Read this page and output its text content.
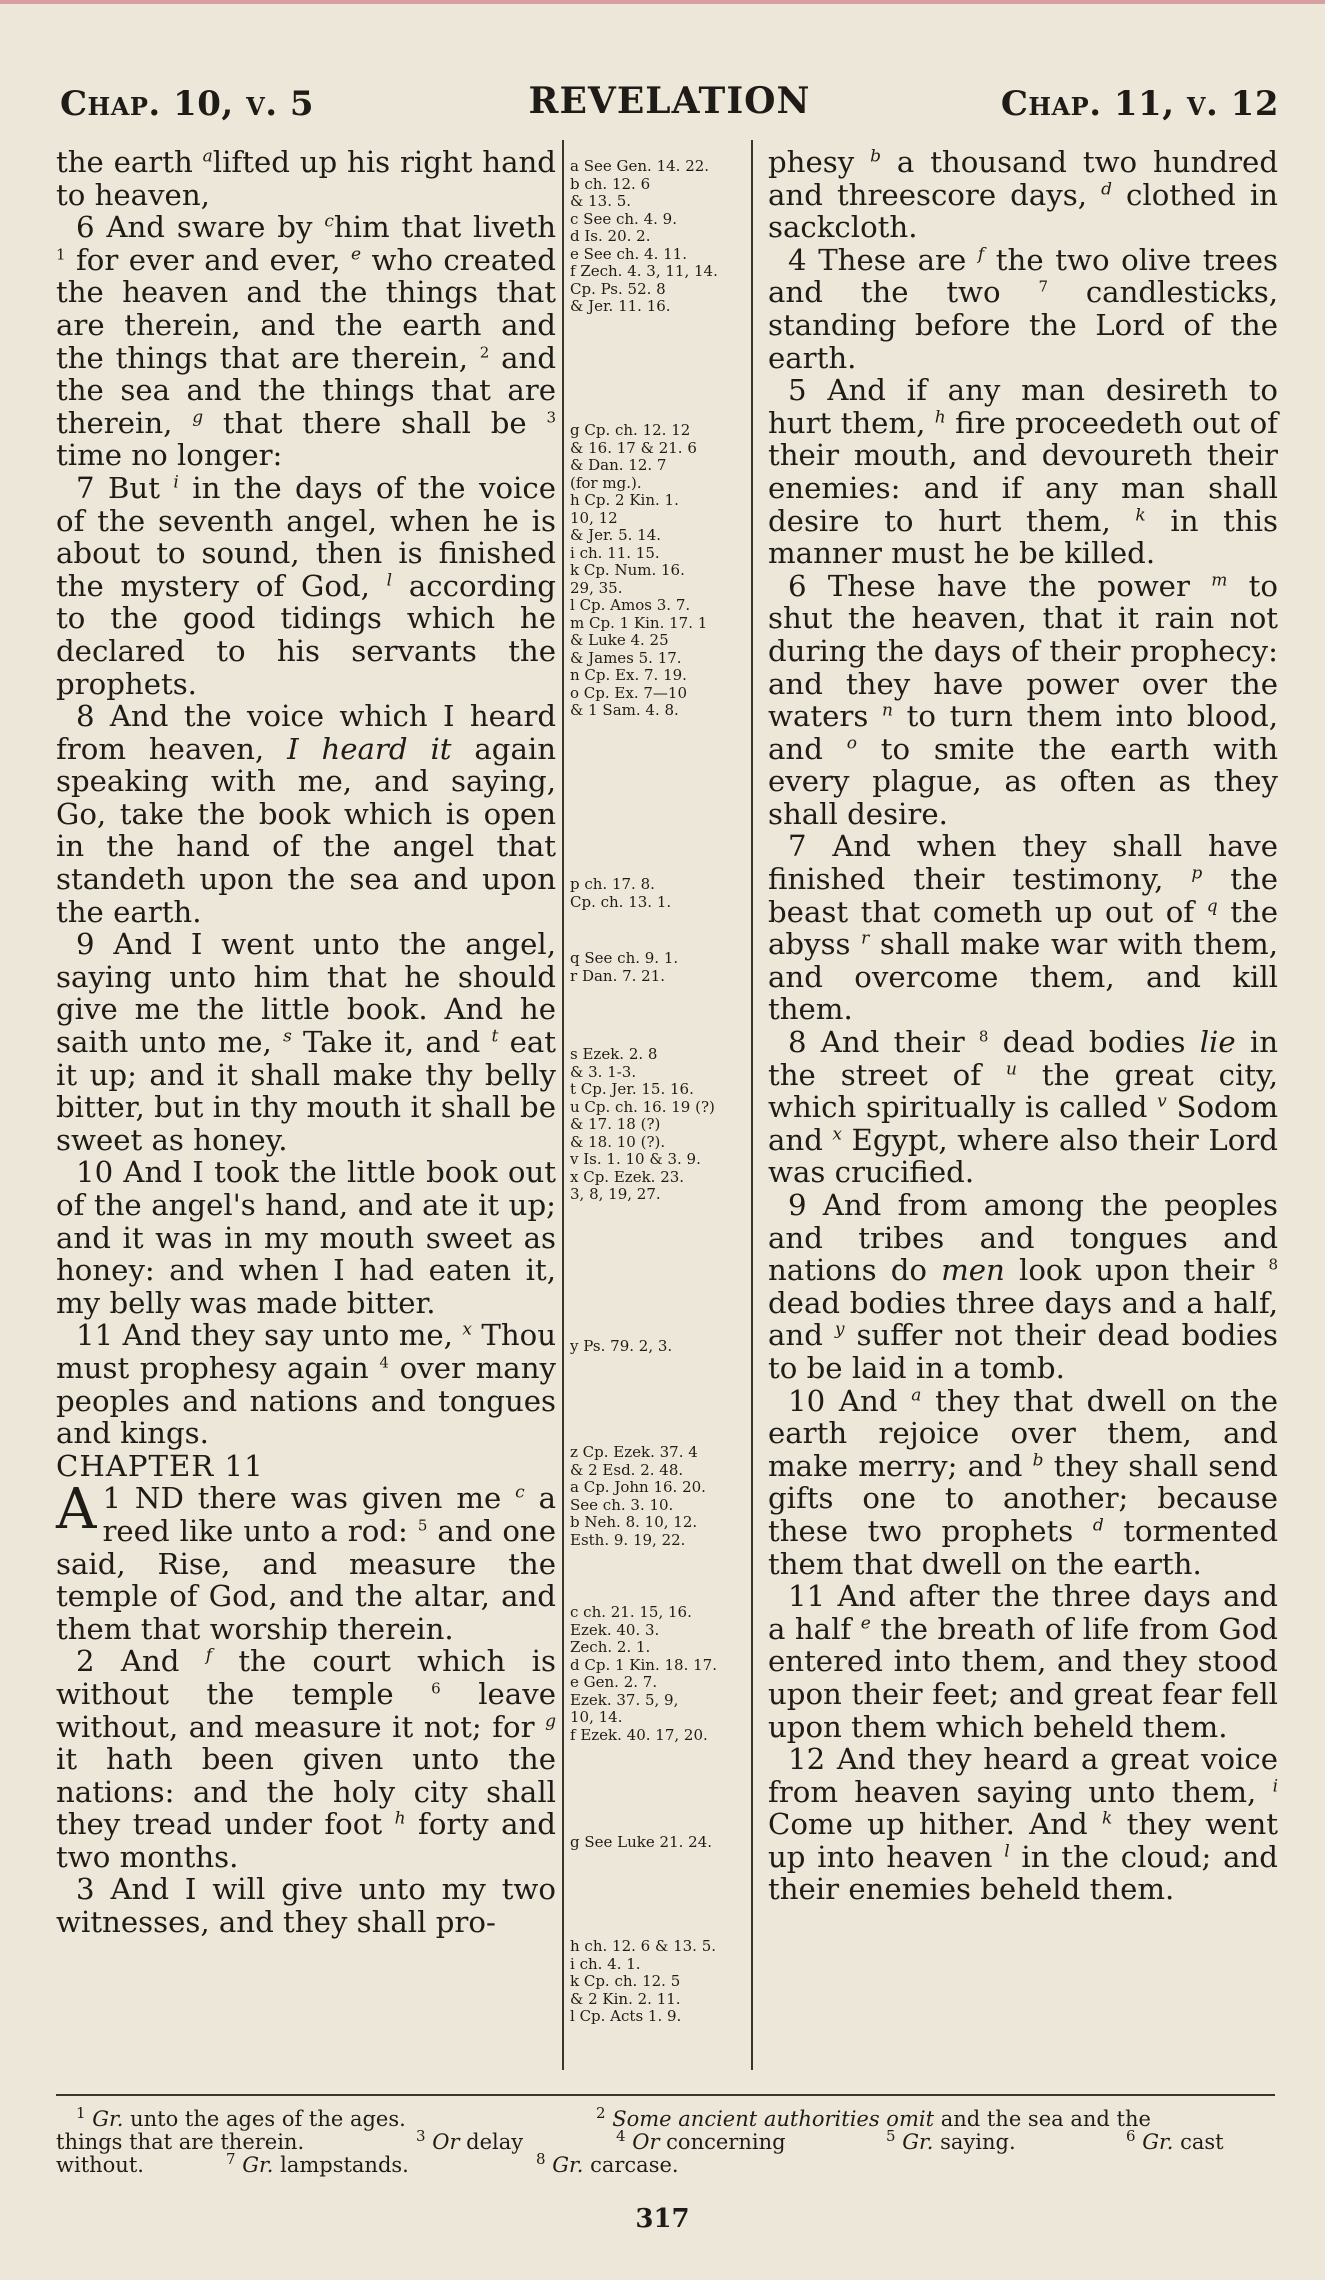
Chap. 10, v. 5	REVELATION	Chap. 11, v. 12

the earth $^a$lifted up his right hand to heaven,

6 And sware by $^c$him that liveth $^1$ for ever and ever, $^e$ who created the heaven and the things that are therein, and the earth and the things that are therein, $^2$ and the sea and the things that are therein, $^g$ that there shall be $^3$ time no longer:

7 But $^i$ in the days of the voice of the seventh angel, when he is about to sound, then is finished the mystery of God, $^l$ according to the good tidings which he declared to his servants the prophets.

8 And the voice which I heard from heaven, I heard it again speaking with me, and saying, Go, take the book which is open in the hand of the angel that standeth upon the sea and upon the earth.

9 And I went unto the angel, saying unto him that he should give me the little book. And he saith unto me, $^s$ Take it, and $^t$ eat it up; and it shall make thy belly bitter, but in thy mouth it shall be sweet as honey.

10 And I took the little book out of the angel's hand, and ate it up; and it was in my mouth sweet as honey: and when I had eaten it, my belly was made bitter.

11 And they say unto me, $^x$ Thou must prophesy again $^4$ over many peoples and nations and tongues and kings.

CHAPTER 11

1
A ND there was given me $^c$ a reed like unto a rod: $^5$ and one said, Rise, and measure the temple of God, and the altar, and them that worship therein.

2 And $^f$ the court which is without the temple $^6$ leave without, and measure it not; for $^g$ it hath been given unto the nations: and the holy city shall they tread under foot $^h$ forty and two months.

3 And I will give unto my two witnesses, and they shall pro-

a See Gen. 14. 22.
b ch. 12. 6
& 13. 5.
c See ch. 4. 9.
d Is. 20. 2.
e See ch. 4. 11.
f Zech. 4. 3, 11, 14.
Cp. Ps. 52. 8
& Jer. 11. 16.
g Cp. ch. 12. 12
& 16. 17 & 21. 6
& Dan. 12. 7
(for mg.).
h Cp. 2 Kin. 1.
10, 12
& Jer. 5. 14.
i ch. 11. 15.
k Cp. Num. 16.
29, 35.
l Cp. Amos 3. 7.
m Cp. 1 Kin. 17. 1
& Luke 4. 25
& James 5. 17.
n Cp. Ex. 7. 19.
o Cp. Ex. 7—10
& 1 Sam. 4. 8.
p ch. 17. 8.
Cp. ch. 13. 1.
q See ch. 9. 1.
r Dan. 7. 21.
s Ezek. 2. 8
& 3. 1-3.
t Cp. Jer. 15. 16.
u Cp. ch. 16. 19 (?)
& 17. 18 (?)
& 18. 10 (?).
v Is. 1. 10 & 3. 9.
x Cp. Ezek. 23.
3, 8, 19, 27.
y Ps. 79. 2, 3.
z Cp. Ezek. 37. 4
& 2 Esd. 2. 48.
a Cp. John 16. 20.
See ch. 3. 10.
b Neh. 8. 10, 12.
Esth. 9. 19, 22.
c ch. 21. 15, 16.
Ezek. 40. 3.
Zech. 2. 1.
d Cp. 1 Kin. 18. 17.
e Gen. 2. 7.
Ezek. 37. 5, 9,
10, 14.
f Ezek. 40. 17, 20.
g See Luke 21. 24.
h ch. 12. 6 & 13. 5.
i ch. 4. 1.
k Cp. ch. 12. 5
& 2 Kin. 2. 11.
l Cp. Acts 1. 9.

phesy $^b$ a thousand two hundred and threescore days, $^d$ clothed in sackcloth.

4 These are $^f$ the two olive trees and the two $^7$ candlesticks, standing before the Lord of the earth.

5 And if any man desireth to hurt them, $^h$ fire proceedeth out of their mouth, and devoureth their enemies: and if any man shall desire to hurt them, $^k$ in this manner must he be killed.

6 These have the power $^m$ to shut the heaven, that it rain not during the days of their prophecy: and they have power over the waters $^n$ to turn them into blood, and $^o$ to smite the earth with every plague, as often as they shall desire.

7 And when they shall have finished their testimony, $^p$ the beast that cometh up out of $^q$ the abyss $^r$ shall make war with them, and overcome them, and kill them.

8 And their $^8$ dead bodies lie in the street of $^u$ the great city, which spiritually is called $^v$ Sodom and $^x$ Egypt, where also their Lord was crucified.

9 And from among the peoples and tribes and tongues and nations do men look upon their $^8$ dead bodies three days and a half, and $^y$ suffer not their dead bodies to be laid in a tomb.

10 And $^a$ they that dwell on the earth rejoice over them, and make merry; and $^b$ they shall send gifts one to another; because these two prophets $^d$ tormented them that dwell on the earth.

11 And after the three days and a half $^e$ the breath of life from God entered into them, and they stood upon their feet; and great fear fell upon them which beheld them.

12 And they heard a great voice from heaven saying unto them, $^i$ Come up hither. And $^k$ they went up into heaven $^l$ in the cloud; and their enemies beheld them.

$^1$ Gr. unto the ages of the ages.	$^2$ Some ancient authorities omit and the sea and the
things that are therein.	$^3$ Or delay	$^4$ Or concerning	$^5$ Gr. saying.	$^6$ Gr. cast
without.	$^7$ Gr. lampstands.	$^8$ Gr. carcase.
317
